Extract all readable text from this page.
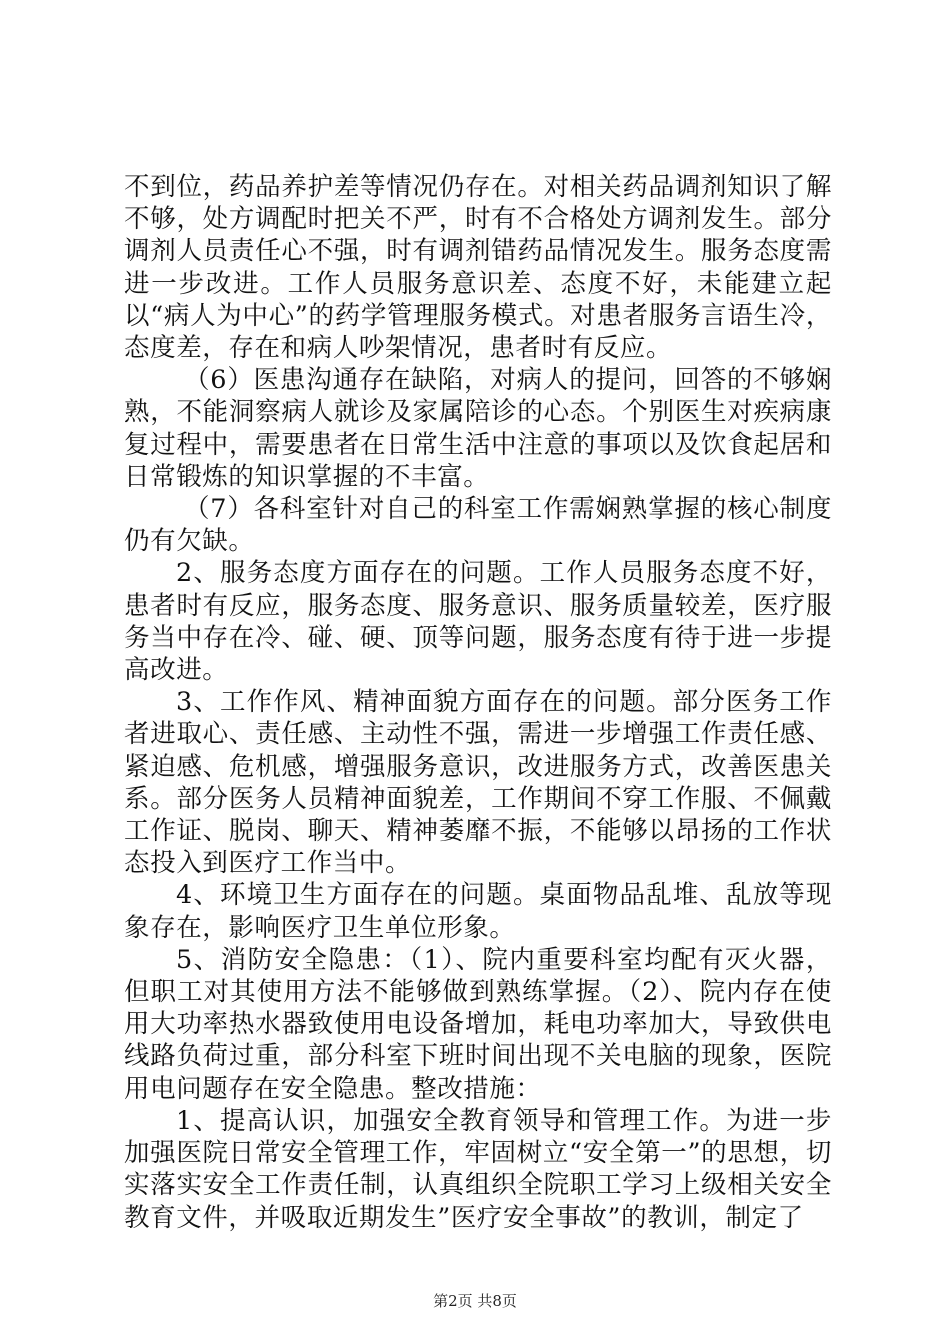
不到位，药品养护差等情况仍存在。对相关药品调剂知识了解不够，处方调配时把关不严，时有不合格处方调剂发生。部分调剂人员责任心不强，时有调剂错药品情况发生。服务态度需进一步改进。工作人员服务意识差、态度不好，未能建立起以“病人为中心”的药学管理服务模式。对患者服务言语生冷，态度差，存在和病人吵架情况，患者时有反应。

（6）医患沟通存在缺陷，对病人的提问，回答的不够娴熟，不能洞察病人就诊及家属陪诊的心态。个别医生对疾病康复过程中，需要患者在日常生活中注意的事项以及饮食起居和日常锻炼的知识掌握的不丰富。

（7）各科室针对自己的科室工作需娴熟掌握的核心制度仍有欠缺。

2、服务态度方面存在的问题。工作人员服务态度不好，患者时有反应，服务态度、服务意识、服务质量较差，医疗服务当中存在冷、碰、硬、顶等问题，服务态度有待于进一步提高改进。

3、工作作风、精神面貌方面存在的问题。部分医务工作者进取心、责任感、主动性不强，需进一步增强工作责任感、紧迫感、危机感，增强服务意识，改进服务方式，改善医患关系。部分医务人员精神面貌差，工作期间不穿工作服、不佩戴工作证、脱岗、聊天、精神萎靡不振，不能够以昂扬的工作状态投入到医疗工作当中。

4、环境卫生方面存在的问题。桌面物品乱堆、乱放等现象存在，影响医疗卫生单位形象。

5、消防安全隐患：（1）、院内重要科室均配有灭火器，但职工对其使用方法不能够做到熟练掌握。（2）、院内存在使用大功率热水器致使用电设备增加，耗电功率加大，导致供电线路负荷过重，部分科室下班时间出现不关电脑的现象，医院用电问题存在安全隐患。整改措施：

1、提高认识，加强安全教育领导和管理工作。为进一步加强医院日常安全管理工作，牢固树立“安全第一”的思想，切实落实安全工作责任制，认真组织全院职工学习上级相关安全教育文件，并吸取近期发生”医疗安全事故”的教训，制定了

第2页 共8页
